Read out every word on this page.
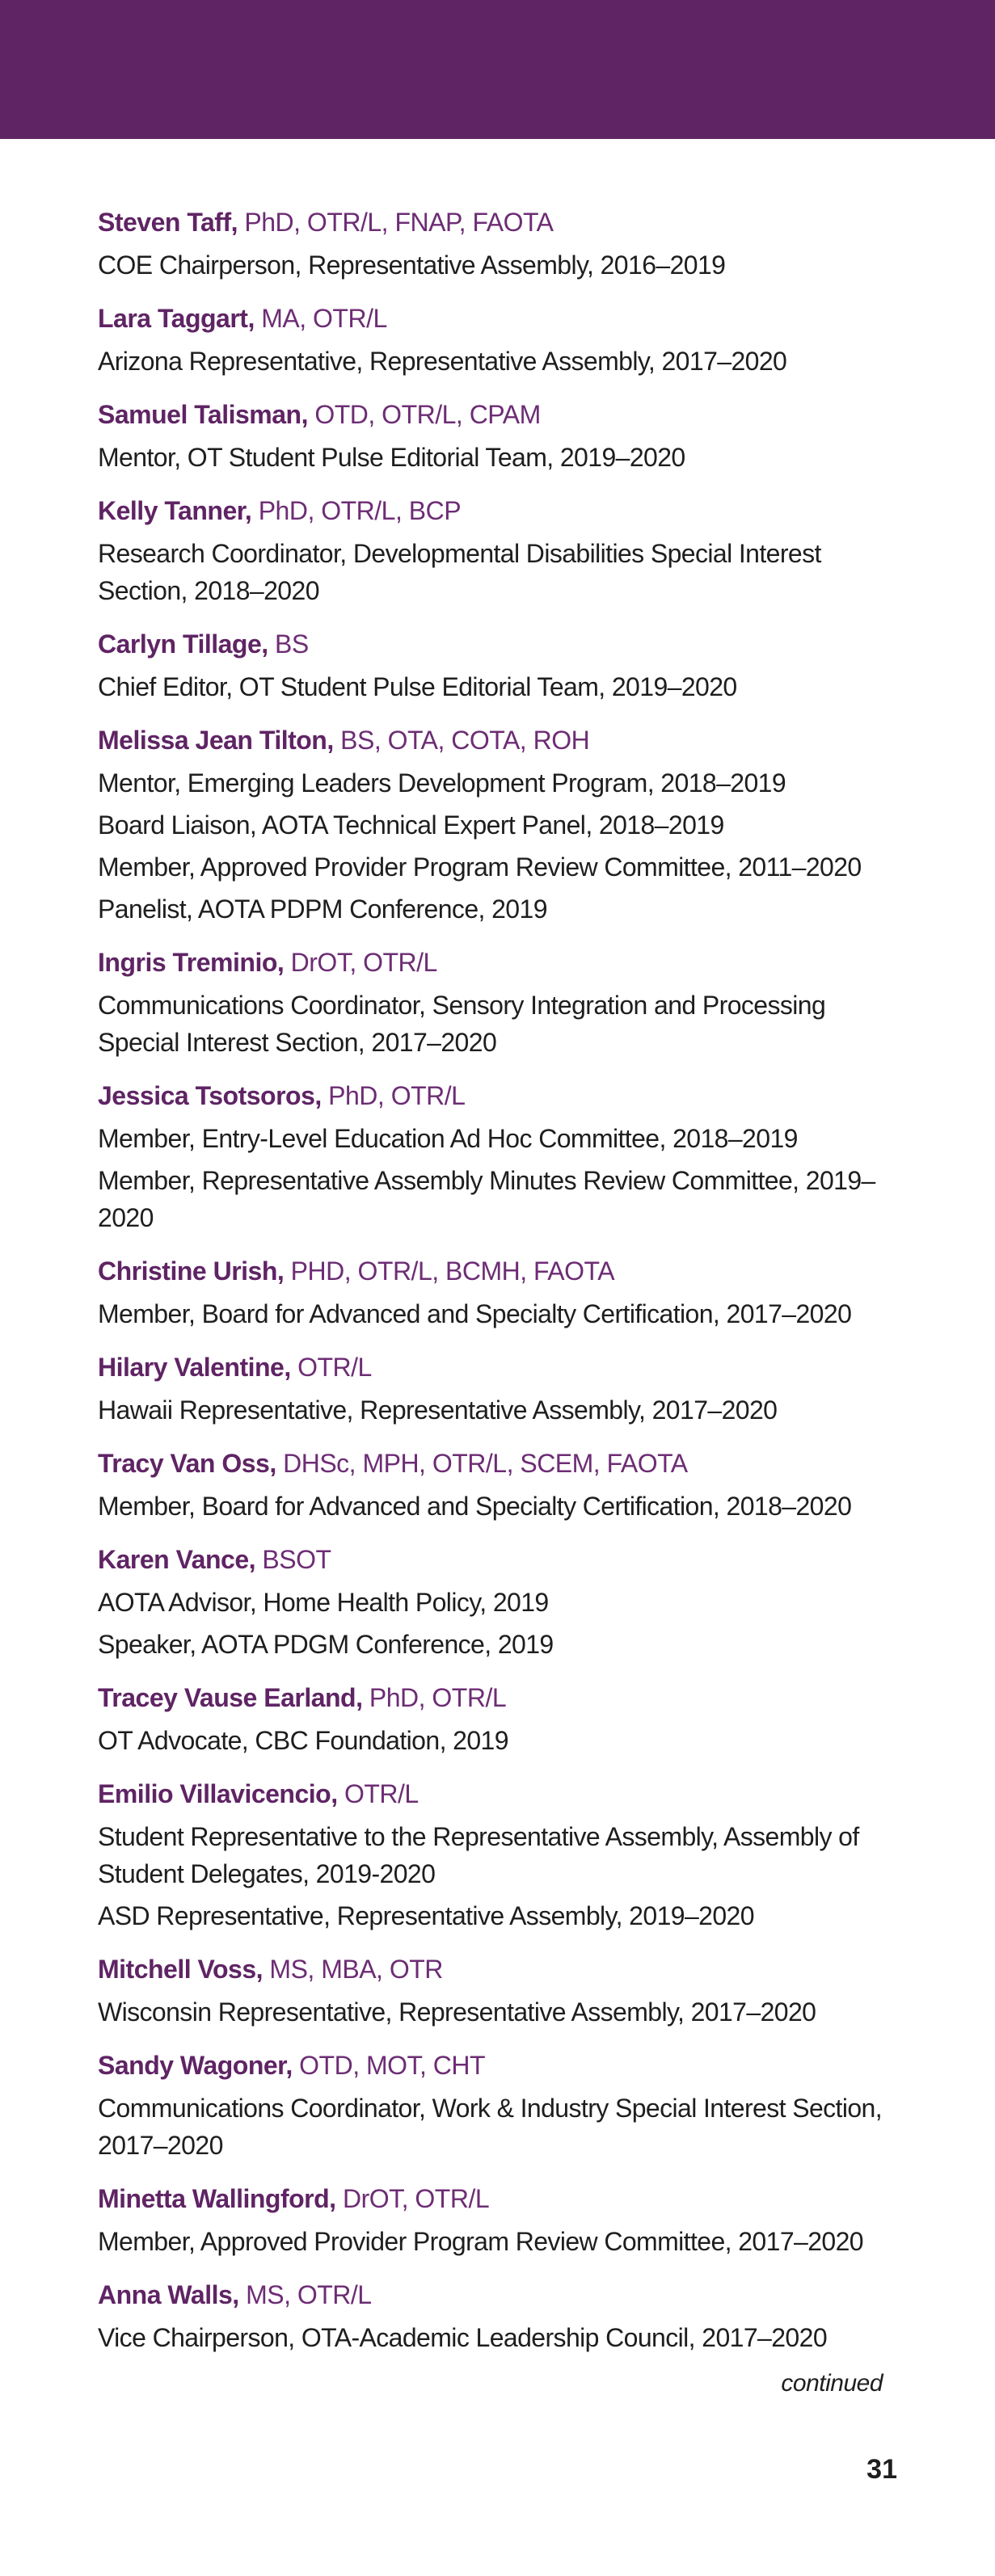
Steven Taff, PhD, OTR/L, FNAP, FAOTA

COE Chairperson, Representative Assembly, 2016–2019

Lara Taggart, MA, OTR/L

Arizona Representative, Representative Assembly, 2017–2020

Samuel Talisman, OTD, OTR/L, CPAM

Mentor, OT Student Pulse Editorial Team, 2019–2020

Kelly Tanner, PhD, OTR/L, BCP

Research Coordinator, Developmental Disabilities Special Interest Section, 2018–2020

Carlyn Tillage, BS

Chief Editor, OT Student Pulse Editorial Team, 2019–2020

Melissa Jean Tilton, BS, OTA, COTA, ROH

Mentor, Emerging Leaders Development Program, 2018–2019

Board Liaison, AOTA Technical Expert Panel, 2018–2019

Member, Approved Provider Program Review Committee, 2011–2020

Panelist, AOTA PDPM Conference, 2019

Ingris Treminio, DrOT, OTR/L

Communications Coordinator, Sensory Integration and Processing Special Interest Section, 2017–2020

Jessica Tsotsoros, PhD, OTR/L

Member, Entry-Level Education Ad Hoc Committee, 2018–2019

Member, Representative Assembly Minutes Review Committee, 2019–2020

Christine Urish, PHD, OTR/L, BCMH, FAOTA

Member, Board for Advanced and Specialty Certification, 2017–2020

Hilary Valentine, OTR/L

Hawaii Representative, Representative Assembly, 2017–2020

Tracy Van Oss, DHSc, MPH, OTR/L, SCEM, FAOTA

Member, Board for Advanced and Specialty Certification, 2018–2020

Karen Vance, BSOT

AOTA Advisor, Home Health Policy, 2019

Speaker, AOTA PDGM Conference, 2019

Tracey Vause Earland, PhD, OTR/L

OT Advocate, CBC Foundation, 2019

Emilio Villavicencio, OTR/L

Student Representative to the Representative Assembly, Assembly of Student Delegates, 2019-2020

ASD Representative, Representative Assembly, 2019–2020

Mitchell Voss, MS, MBA, OTR

Wisconsin Representative, Representative Assembly, 2017–2020

Sandy Wagoner, OTD, MOT, CHT

Communications Coordinator, Work & Industry Special Interest Section, 2017–2020

Minetta Wallingford, DrOT, OTR/L

Member, Approved Provider Program Review Committee, 2017–2020

Anna Walls, MS, OTR/L

Vice Chairperson, OTA-Academic Leadership Council, 2017–2020

continued
31
